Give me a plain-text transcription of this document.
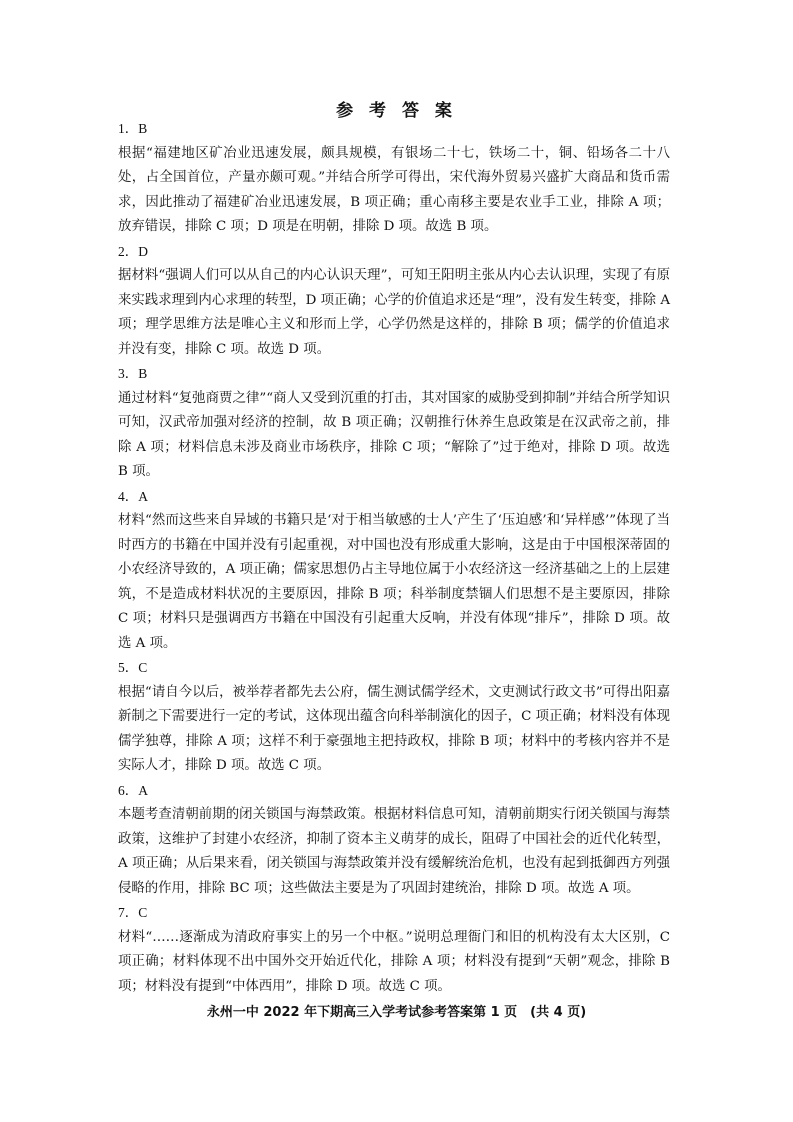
参 考 答 案
1．B

根据“福建地区矿冶业迅速发展，颇具规模，有银场二十七，铁场二十，铜、铅场各二十八处，占全国首位，产量亦颇可观。”并结合所学可得出，宋代海外贸易兴盛扩大商品和货币需求，因此推动了福建矿冶业迅速发展，B 项正确；重心南移主要是农业手工业，排除 A 项；放弃错误，排除 C 项；D 项是在明朝，排除 D 项。故选 B 项。

2．D

据材料“强调人们可以从自己的内心认识天理”，可知王阳明主张从内心去认识理，实现了有原来实践求理到内心求理的转型，D 项正确；心学的价值追求还是“理”，没有发生转变，排除 A 项；理学思维方法是唯心主义和形而上学，心学仍然是这样的，排除 B 项；儒学的价值追求并没有变，排除 C 项。故选 D 项。

3．B

通过材料“复弛商贾之律”“商人又受到沉重的打击，其对国家的威胁受到抑制”并结合所学知识可知，汉武帝加强对经济的控制，故 B 项正确；汉朝推行休养生息政策是在汉武帝之前，排除 A 项；材料信息未涉及商业市场秩序，排除 C 项；“解除了”过于绝对，排除 D 项。故选 B 项。

4．A

材料“然而这些来自异域的书籍只是‘对于相当敏感的士人’产生了‘压迫感’和‘异样感’”体现了当时西方的书籍在中国并没有引起重视，对中国也没有形成重大影响，这是由于中国根深蒂固的小农经济导致的，A 项正确；儒家思想仍占主导地位属于小农经济这一经济基础之上的上层建筑，不是造成材料状况的主要原因，排除 B 项；科举制度禁锢人们思想不是主要原因，排除 C 项；材料只是强调西方书籍在中国没有引起重大反响，并没有体现“排斥”，排除 D 项。故选 A 项。

5．C

根据“请自今以后，被举荐者都先去公府，儒生测试儒学经术，文吏测试行政文书”可得出阳嘉新制之下需要进行一定的考试，这体现出蕴含向科举制演化的因子，C 项正确；材料没有体现儒学独尊，排除 A 项；这样不利于豪强地主把持政权，排除 B 项；材料中的考核内容并不是实际人才，排除 D 项。故选 C 项。

6．A

本题考查清朝前期的闭关锁国与海禁政策。根据材料信息可知，清朝前期实行闭关锁国与海禁政策，这维护了封建小农经济，抑制了资本主义萌芽的成长，阻碍了中国社会的近代化转型，A 项正确；从后果来看，闭关锁国与海禁政策并没有缓解统治危机，也没有起到抵御西方列强侵略的作用，排除 BC 项；这些做法主要是为了巩固封建统治，排除 D 项。故选 A 项。

7．C

材料“……逐渐成为清政府事实上的另一个中枢。”说明总理衙门和旧的机构没有太大区别，C 项正确；材料体现不出中国外交开始近代化，排除 A 项；材料没有提到“天朝”观念，排除 B 项；材料没有提到“中体西用”，排除 D 项。故选 C 项。

永州一中 2022 年下期高三入学考试参考答案第 1 页　(共 4 页)
